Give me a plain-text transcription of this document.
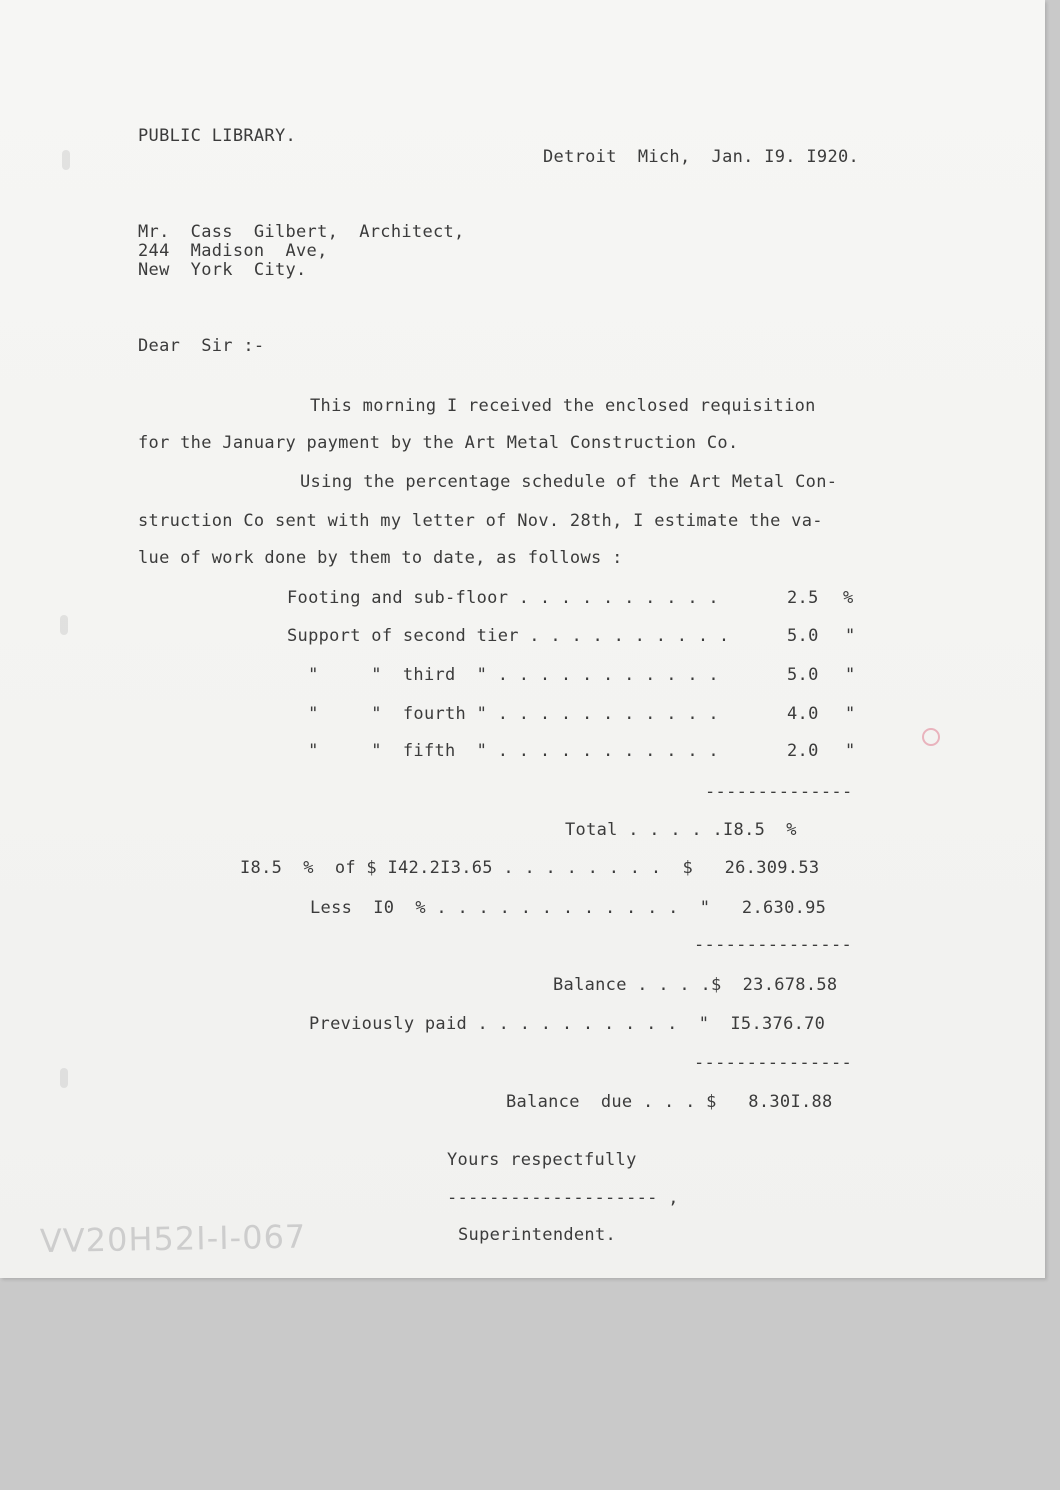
PUBLIC LIBRARY.
Detroit  Mich,  Jan. I9. I920.
Mr.  Cass  Gilbert,  Architect,
244  Madison  Ave,
New  York  City.
Dear  Sir :-
This morning I received the enclosed requisition
for the January payment by the Art Metal Construction Co.
Using the percentage schedule of the Art Metal Con-
struction Co sent with my letter of Nov. 28th, I estimate the va-
lue of work done by them to date, as follows :
Footing and sub-floor . . . . . . . . . .	2.5 %
Support of second tier . . . . . . . . . .	5.0 "
"     "  third  " . . . . . . . . . . .	5.0 "
"     "  fourth " . . . . . . . . . . .	4.0 "
"     "  fifth  " . . . . . . . . . . .	2.0 "
--------------
Total . . . . .I8.5  %
I8.5  %  of $ I42.2I3.65 . . . . . . . .  $   26.309.53
Less  I0  % . . . . . . . . . . . .  "   2.630.95
---------------
Balance . . . .$  23.678.58
Previously paid . . . . . . . . . .  "  I5.376.70
---------------
Balance  due . . . $   8.30I.88
Yours respectfully
-------------------- ,
Superintendent.
VV20H52I-I-067
